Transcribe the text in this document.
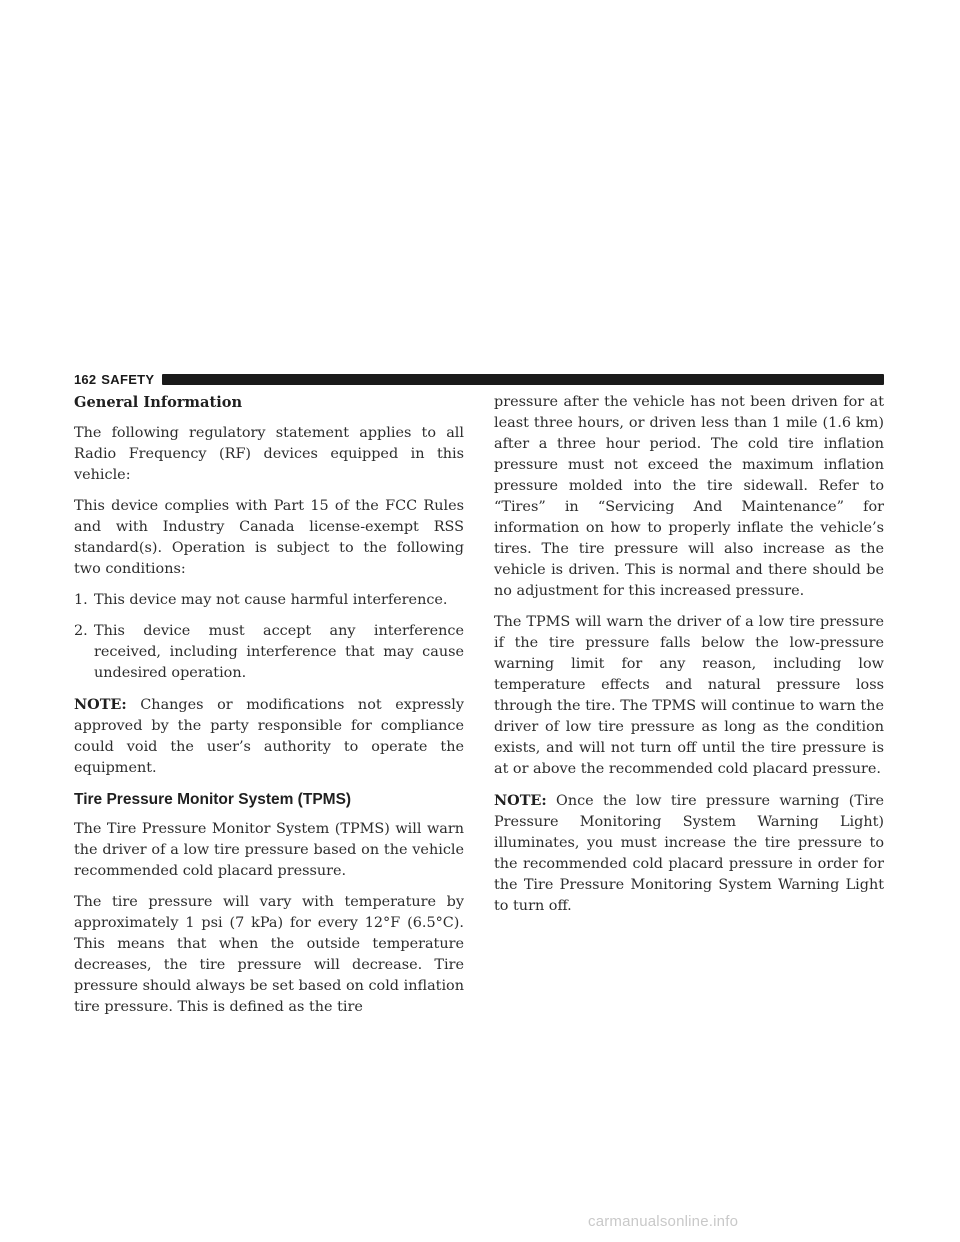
162 SAFETY
General Information

The following regulatory statement applies to all Radio Frequency (RF) devices equipped in this vehicle:

This device complies with Part 15 of the FCC Rules and with Industry Canada license-exempt RSS standard(s). Operation is subject to the following two conditions:

1. This device may not cause harmful interference.
2. This device must accept any interference received, including interference that may cause undesired operation.

NOTE: Changes or modifications not expressly approved by the party responsible for compliance could void the user’s authority to operate the equipment.

Tire Pressure Monitor System (TPMS)

The Tire Pressure Monitor System (TPMS) will warn the driver of a low tire pressure based on the vehicle recommended cold placard pressure.

The tire pressure will vary with temperature by approximately 1 psi (7 kPa) for every 12°F (6.5°C). This means that when the outside temperature decreases, the tire pressure will decrease. Tire pressure should always be set based on cold inflation tire pressure. This is defined as the tire

pressure after the vehicle has not been driven for at least three hours, or driven less than 1 mile (1.6 km) after a three hour period. The cold tire inflation pressure must not exceed the maximum inflation pressure molded into the tire sidewall. Refer to “Tires” in “Servicing And Maintenance” for information on how to properly inflate the vehicle’s tires. The tire pressure will also increase as the vehicle is driven. This is normal and there should be no adjustment for this increased pressure.

The TPMS will warn the driver of a low tire pressure if the tire pressure falls below the low-pressure warning limit for any reason, including low temperature effects and natural pressure loss through the tire. The TPMS will continue to warn the driver of low tire pressure as long as the condition exists, and will not turn off until the tire pressure is at or above the recommended cold placard pressure.

NOTE: Once the low tire pressure warning (Tire Pressure Monitoring System Warning Light) illuminates, you must increase the tire pressure to the recommended cold placard pressure in order for the Tire Pressure Monitoring System Warning Light to turn off.

carmanualsonline.info
